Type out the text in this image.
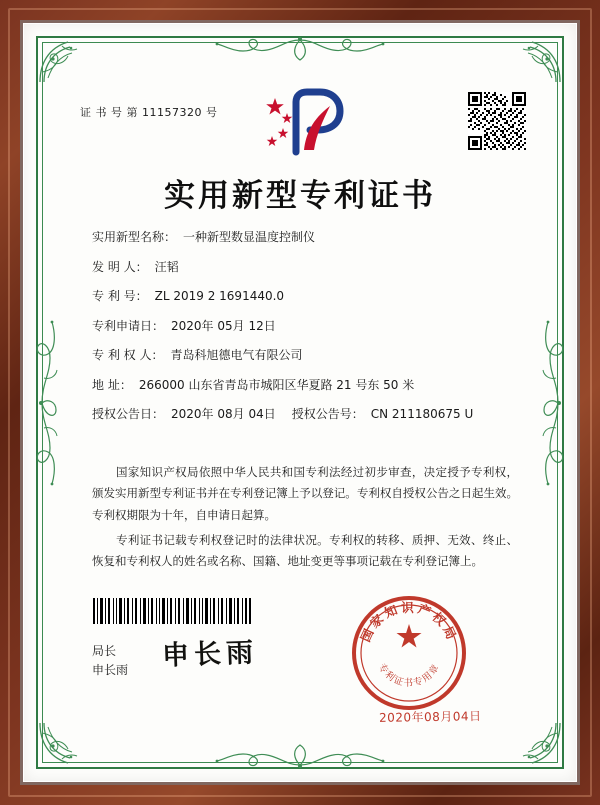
证 书 号 第 11157320 号
实用新型专利证书
实用新型名称： 一种新型数显温度控制仪
发 明 人： 汪韬
专 利 号： ZL 2019 2 1691440.0
专利申请日： 2020年 05月 12日
专 利 权 人： 青岛科旭德电气有限公司
地 址： 266000 山东省青岛市城阳区华夏路 21 号东 50 米
授权公告日： 2020年 08月 04日 授权公告号： CN 211180675 U

国家知识产权局依照中华人民共和国专利法经过初步审查，决定授予专利权，颁发实用新型专利证书并在专利登记簿上予以登记。专利权自授权公告之日起生效。专利权期限为十年，自申请日起算。

专利证书记载专利权登记时的法律状况。专利权的转移、质押、无效、终止、恢复和专利权人的姓名或名称、国籍、地址变更等事项记载在专利登记簿上。

局长
申长雨 申长雨
国家知识产权局
专利证书专用章
2020年08月04日
